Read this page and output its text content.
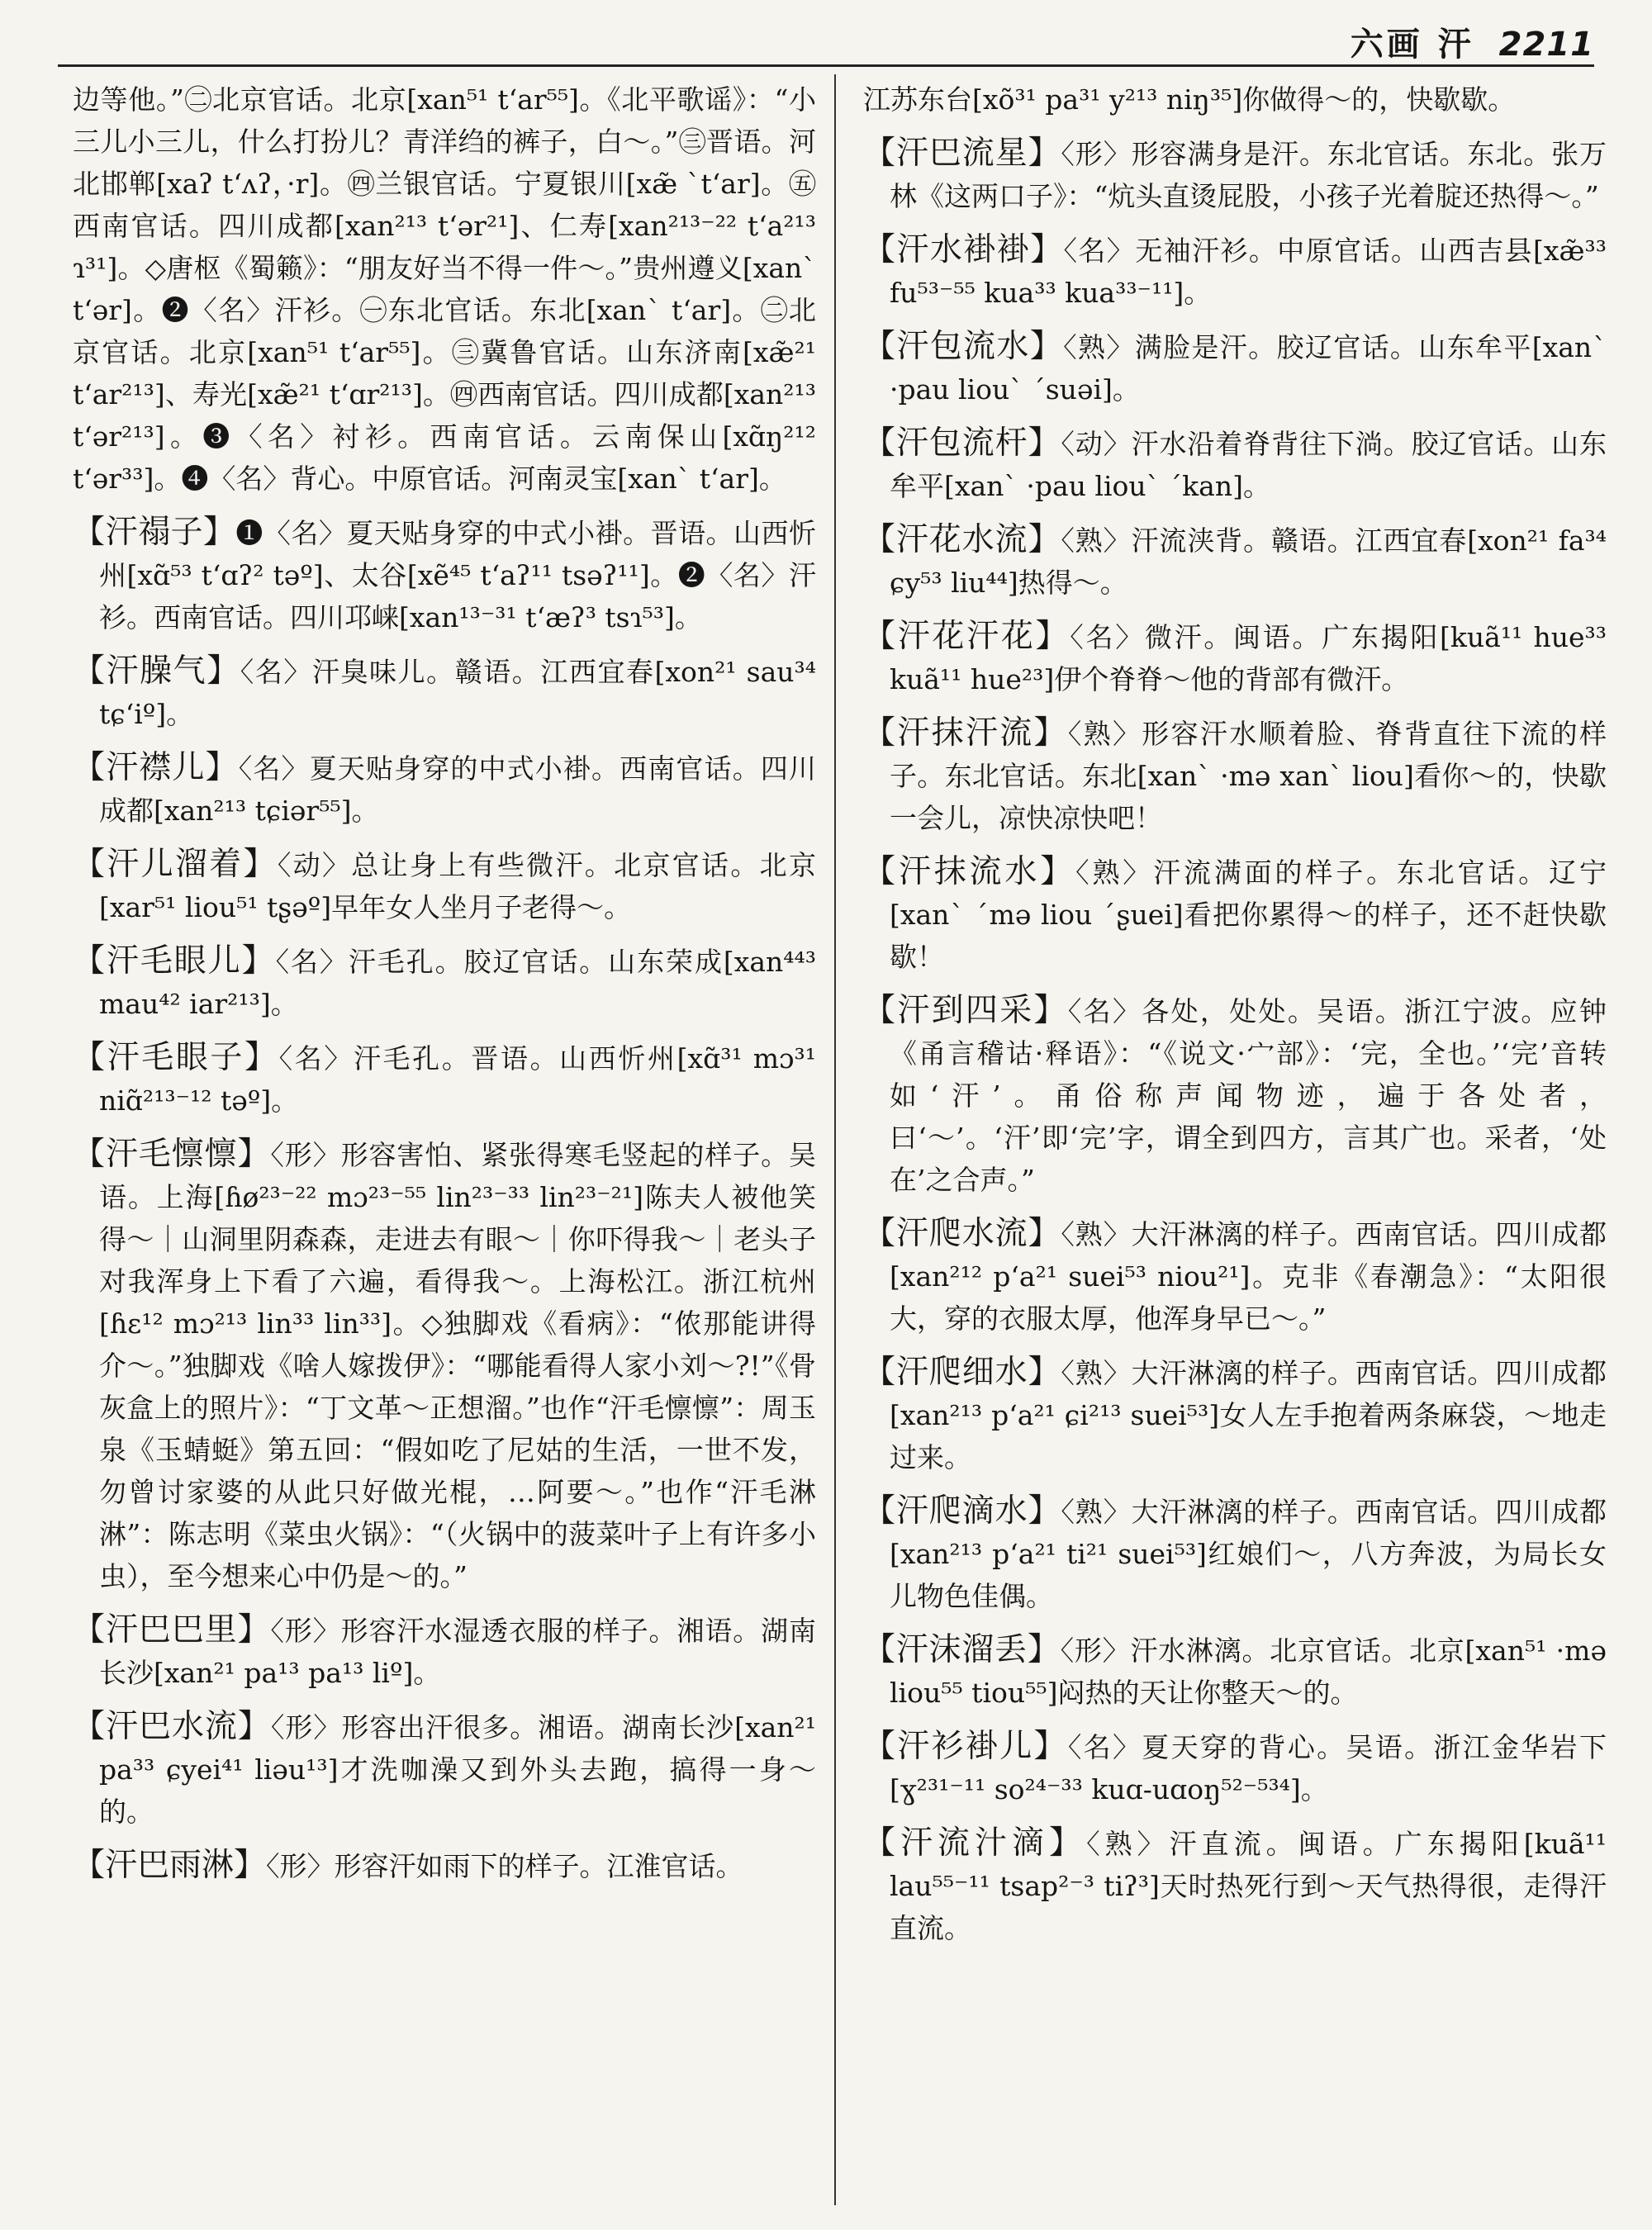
六画 汗 2211

边等他。”㊁北京官话。北京[xan⁵¹ tʻar⁵⁵]。《北平歌谣》：“小三儿小三儿，什么打扮儿？青洋绉的裤子，白～。”㊂晋语。河北邯郸[xaʔ tʻʌʔ，·r]。㊃兰银官话。宁夏银川[xæ̃ ˋtʻar]。㊄西南官话。四川成都[xan²¹³ tʻər²¹]、仁寿[xan²¹³⁻²² tʻa²¹³ ɿ³¹]。◇唐枢《蜀籁》：“朋友好当不得一件～。”贵州遵义[xanˋ tʻər]。❷〈名〉汗衫。㊀东北官话。东北[xanˋ tʻar]。㊁北京官话。北京[xan⁵¹ tʻar⁵⁵]。㊂冀鲁官话。山东济南[xæ̃²¹ tʻar²¹³]、寿光[xæ̃²¹ tʻɑr²¹³]。㊃西南官话。四川成都[xan²¹³ tʻər²¹³]。❸〈名〉衬衫。西南官话。云南保山[xɑ̃ŋ²¹² tʻər³³]。❹〈名〉背心。中原官话。河南灵宝[xanˋ tʻar]。

【汗禢子】❶〈名〉夏天贴身穿的中式小褂。晋语。山西忻州[xɑ̃⁵³ tʻɑʔ² təº]、太谷[xẽ⁴⁵ tʻaʔ¹¹ tsəʔ¹¹]。❷〈名〉汗衫。西南官话。四川邛崃[xan¹³⁻³¹ tʻæʔ³ tsɿ⁵³]。

【汗臊气】〈名〉汗臭味儿。赣语。江西宜春[xon²¹ sau³⁴ tɕʻiº]。

【汗襟儿】〈名〉夏天贴身穿的中式小褂。西南官话。四川成都[xan²¹³ tɕiər⁵⁵]。

【汗儿溜着】〈动〉总让身上有些微汗。北京官话。北京[xar⁵¹ liou⁵¹ tʂəº]早年女人坐月子老得～。

【汗毛眼儿】〈名〉汗毛孔。胶辽官话。山东荣成[xan⁴⁴³ mau⁴² iar²¹³]。

【汗毛眼子】〈名〉汗毛孔。晋语。山西忻州[xɑ̃³¹ mɔ³¹ niɑ̃²¹³⁻¹² təº]。

【汗毛懔懔】〈形〉形容害怕、紧张得寒毛竖起的样子。吴语。上海[ɦø²³⁻²² mɔ²³⁻⁵⁵ lin²³⁻³³ lin²³⁻²¹]陈夫人被他笑得～｜山洞里阴森森，走进去有眼～｜你吓得我～｜老头子对我浑身上下看了六遍，看得我～。上海松江。浙江杭州[ɦɛ¹² mɔ²¹³ lin³³ lin³³]。◇独脚戏《看病》：“侬那能讲得介～。”独脚戏《啥人嫁拨伊》：“哪能看得人家小刘～?!”《骨灰盒上的照片》：“丁文革～正想溜。”也作“汗毛懔懔”：周玉泉《玉蜻蜓》第五回：“假如吃了尼姑的生活，一世不发，勿曾讨家婆的从此只好做光棍，…阿要～。”也作“汗毛淋淋”：陈志明《菜虫火锅》：“（火锅中的菠菜叶子上有许多小虫），至今想来心中仍是～的。”

【汗巴巴里】〈形〉形容汗水湿透衣服的样子。湘语。湖南长沙[xan²¹ pa¹³ pa¹³ liº]。

【汗巴水流】〈形〉形容出汗很多。湘语。湖南长沙[xan²¹ pa³³ ɕyei⁴¹ liəu¹³]才洗咖澡又到外头去跑，搞得一身～的。

【汗巴雨淋】〈形〉形容汗如雨下的样子。江淮官话。

江苏东台[xõ³¹ pa³¹ y²¹³ niŋ³⁵]你做得～的，快歇歇。

【汗巴流星】〈形〉形容满身是汗。东北官话。东北。张万林《这两口子》：“炕头直烫屁股，小孩子光着腚还热得～。”

【汗水褂褂】〈名〉无袖汗衫。中原官话。山西吉县[xæ̃³³ fu⁵³⁻⁵⁵ kua³³ kua³³⁻¹¹]。

【汗包流水】〈熟〉满脸是汗。胶辽官话。山东牟平[xanˋ ·pau liouˋ ˊsuəi]。

【汗包流杆】〈动〉汗水沿着脊背往下淌。胶辽官话。山东牟平[xanˋ ·pau liouˋ ˊkan]。

【汗花水流】〈熟〉汗流浃背。赣语。江西宜春[xon²¹ fa³⁴ ɕy⁵³ liu⁴⁴]热得～。

【汗花汗花】〈名〉微汗。闽语。广东揭阳[kuã¹¹ hue³³ kuã¹¹ hue²³]伊个脊脊～他的背部有微汗。

【汗抹汗流】〈熟〉形容汗水顺着脸、脊背直往下流的样子。东北官话。东北[xanˋ ·mə xanˋ liou]看你～的，快歇一会儿，凉快凉快吧！

【汗抹流水】〈熟〉汗流满面的样子。东北官话。辽宁[xanˋ ˊmə liou ˊʂuei]看把你累得～的样子，还不赶快歇歇！

【汗到四采】〈名〉各处，处处。吴语。浙江宁波。应钟《甬言稽诂·释语》：“《说文·宀部》：‘完，全也。’‘完’音转如‘汗’。甬俗称声闻物迹，遍于各处者，曰‘～’。‘汗’即‘完’字，谓全到四方，言其广也。采者，‘处在’之合声。”

【汗爬水流】〈熟〉大汗淋漓的样子。西南官话。四川成都[xan²¹² pʻa²¹ suei⁵³ niou²¹]。克非《春潮急》：“太阳很大，穿的衣服太厚，他浑身早已～。”

【汗爬细水】〈熟〉大汗淋漓的样子。西南官话。四川成都[xan²¹³ pʻa²¹ ɕi²¹³ suei⁵³]女人左手抱着两条麻袋，～地走过来。

【汗爬滴水】〈熟〉大汗淋漓的样子。西南官话。四川成都[xan²¹³ pʻa²¹ ti²¹ suei⁵³]红娘们～，八方奔波，为局长女儿物色佳偶。

【汗沫溜丢】〈形〉汗水淋漓。北京官话。北京[xan⁵¹ ·mə liou⁵⁵ tiou⁵⁵]闷热的天让你整天～的。

【汗衫褂儿】〈名〉夏天穿的背心。吴语。浙江金华岩下[ɣ²³¹⁻¹¹ so²⁴⁻³³ kuɑ-uɑoŋ⁵²⁻⁵³⁴]。

【汗流汁滴】〈熟〉汗直流。闽语。广东揭阳[kuã¹¹ lau⁵⁵⁻¹¹ tsap²⁻³ tiʔ³]天时热死行到～天气热得很，走得汗直流。
